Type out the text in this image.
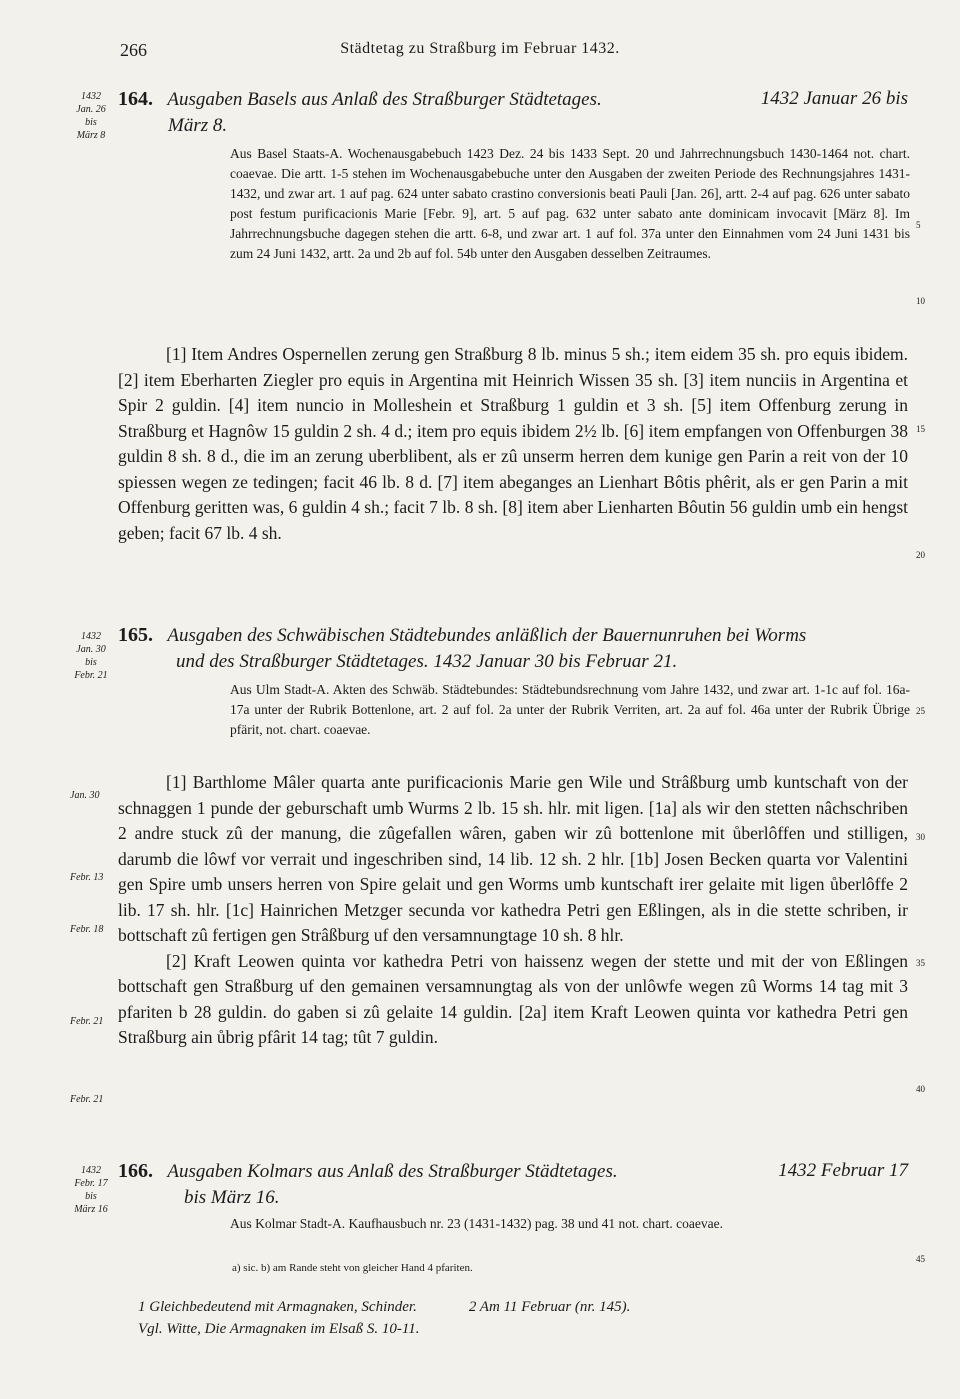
266	Städtetag zu Straßburg im Februar 1432.
1432
Jan. 26
bis
März 8
1432 Januar 26 bis
164. Ausgaben Basels aus Anlaß des Straßburger Städtetages.
März 8.
Aus Basel Staats-A. Wochenausgabebuch 1423 Dez. 24 bis 1433 Sept. 20 und Jahrrechnungsbuch 1430-1464 not. chart. coaevae. Die artt. 1-5 stehen im Wochenausgabebuche unter den Ausgaben der zweiten Periode des Rechnungsjahres 1431-1432, und zwar art. 1 auf pag. 624 unter sabato crastino conversionis beati Pauli [Jan. 26], artt. 2-4 auf pag. 626 unter sabato post festum purificacionis Marie [Febr. 9], art. 5 auf pag. 632 unter sabato ante dominicam invocavit [März 8]. Im Jahrrechnungsbuche dagegen stehen die artt. 6-8, und zwar art. 1 auf fol. 37a unter den Einnahmen vom 24 Juni 1431 bis zum 24 Juni 1432, artt. 2a und 2b auf fol. 54b unter den Ausgaben desselben Zeitraumes.

[1] Item Andres Ospernellen zerung gen Straßburg 8 lb. minus 5 sh.; item eidem 35 sh. pro equis ibidem. [2] item Eberharten Ziegler pro equis in Argentina mit Heinrich Wissen 35 sh. [3] item nunciis in Argentina et Spir 2 guldin. [4] item nuncio in Molleshein et Straßburg 1 guldin et 3 sh. [5] item Offenburg zerung in Straßburg et Hagnôw 15 guldin 2 sh. 4 d.; item pro equis ibidem 2½ lb. [6] item empfangen von Offenburgen 38 guldin 8 sh. 8 d., die im an zerung uberblibent, als er zû unserm herren dem kunige gen Parin a reit von der 10 spiessen wegen ze tedingen; facit 46 lb. 8 d. [7] item abeganges an Lienhart Bôtis phêrit, als er gen Parin a mit Offenburg geritten was, 6 guldin 4 sh.; facit 7 lb. 8 sh. [8] item aber Lienharten Bôutin 56 guldin umb ein hengst geben; facit 67 lb. 4 sh.

1432
Jan. 30
bis
Febr. 21
165. Ausgaben des Schwäbischen Städtebundes anläßlich der Bauernunruhen bei Worms
und des Straßburger Städtetages. 1432 Januar 30 bis Februar 21.
Aus Ulm Stadt-A. Akten des Schwäb. Städtebundes: Städtebundsrechnung vom Jahre 1432, und zwar art. 1-1c auf fol. 16a-17a unter der Rubrik Bottenlone, art. 2 auf fol. 2a unter der Rubrik Verriten, art. 2a auf fol. 46a unter der Rubrik Übrige pfärit, not. chart. coaevae.

[1] Barthlome Mâler quarta ante purificacionis Marie gen Wile und Strâßburg umb kuntschaft von der schnaggen 1 punde der geburschaft umb Wurms 2 lb. 15 sh. hlr. mit ligen. [1a] als wir den stetten nâchschriben 2 andre stuck zû der manung, die zûgefallen wâren, gaben wir zû bottenlone mit ůberlôffen und stilligen, darumb die lôwf vor verrait und ingeschriben sind, 14 lib. 12 sh. 2 hlr. [1b] Josen Becken quarta vor Valentini gen Spire umb unsers herren von Spire gelait und gen Worms umb kuntschaft irer gelaite mit ligen ůberlôffe 2 lib. 17 sh. hlr. [1c] Hainrichen Metzger secunda vor kathedra Petri gen Eßlingen, als in die stette schriben, ir bottschaft zû fertigen gen Strâßburg uf den versamnungtage 10 sh. 8 hlr.

[2] Kraft Leowen quinta vor kathedra Petri von haissenz wegen der stette und mit der von Eßlingen bottschaft gen Straßburg uf den gemainen versamnungtag als von der unlôwfe wegen zû Worms 14 tag mit 3 pfariten b 28 guldin. do gaben si zû gelaite 14 guldin. [2a] item Kraft Leowen quinta vor kathedra Petri gen Straßburg ain ůbrig pfârit 14 tag; tût 7 guldin.

Jan. 30
Febr. 13
Febr. 18
Febr. 21
Febr. 21
1432
Febr. 17
bis
März 16
1432 Februar 17
166. Ausgaben Kolmars aus Anlaß des Straßburger Städtetages.
bis März 16.
Aus Kolmar Stadt-A. Kaufhausbuch nr. 23 (1431-1432) pag. 38 und 41 not. chart. coaevae.
5
10
15
20
25
30
35
40
45
a) sic. b) am Rande steht von gleicher Hand 4 pfariten.
1 Gleichbedeutend mit Armagnaken, Schinder.	2 Am 11 Februar (nr. 145).
Vgl. Witte, Die Armagnaken im Elsaß S. 10-11.
